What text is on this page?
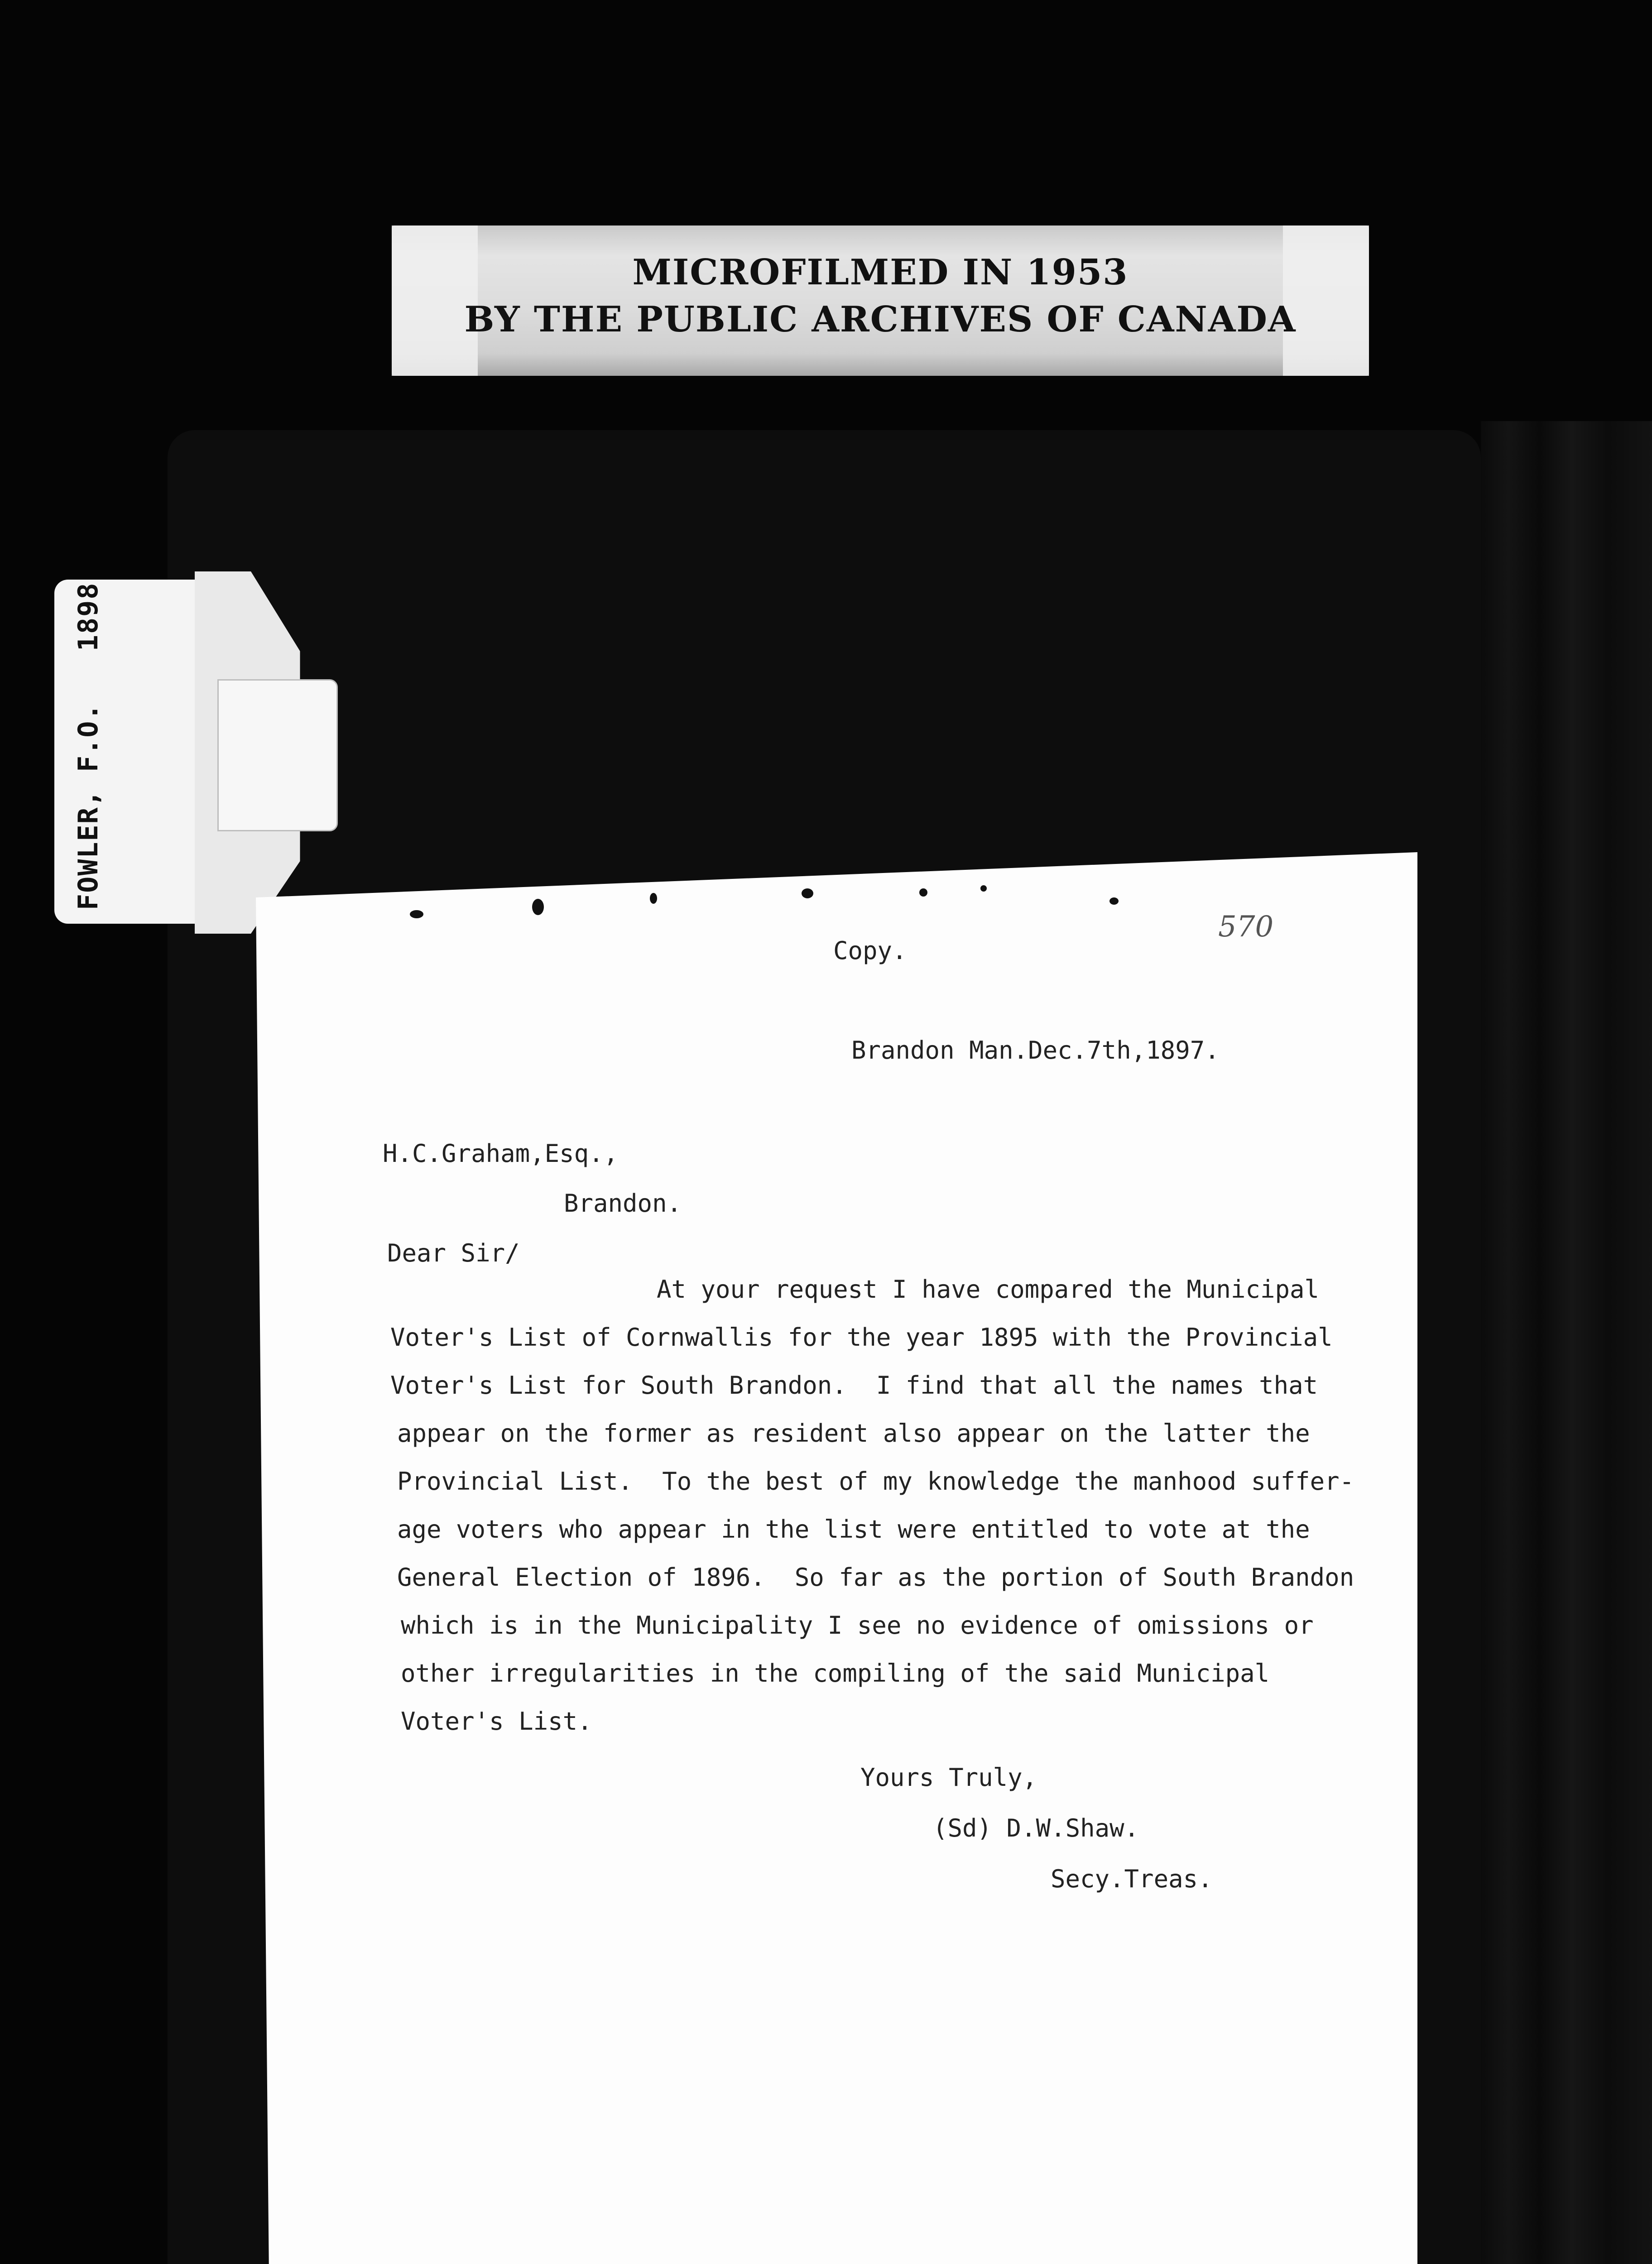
MICROFILMED IN 1953
BY THE PUBLIC ARCHIVES OF CANADA
FOWLER, F.O.   1898
570
Copy.
Brandon Man.Dec.7th,1897.
H.C.Graham,Esq.,
Brandon.
Dear Sir/
At your request I have compared the Municipal
Voter's List of Cornwallis for the year 1895 with the Provincial
Voter's List for South Brandon.  I find that all the names that
appear on the former as resident also appear on the latter the
Provincial List.  To the best of my knowledge the manhood suffer-
age voters who appear in the list were entitled to vote at the
General Election of 1896.  So far as the portion of South Brandon
which is in the Municipality I see no evidence of omissions or
other irregularities in the compiling of the said Municipal
Voter's List.
Yours Truly,
(Sd) D.W.Shaw.
Secy.Treas.
